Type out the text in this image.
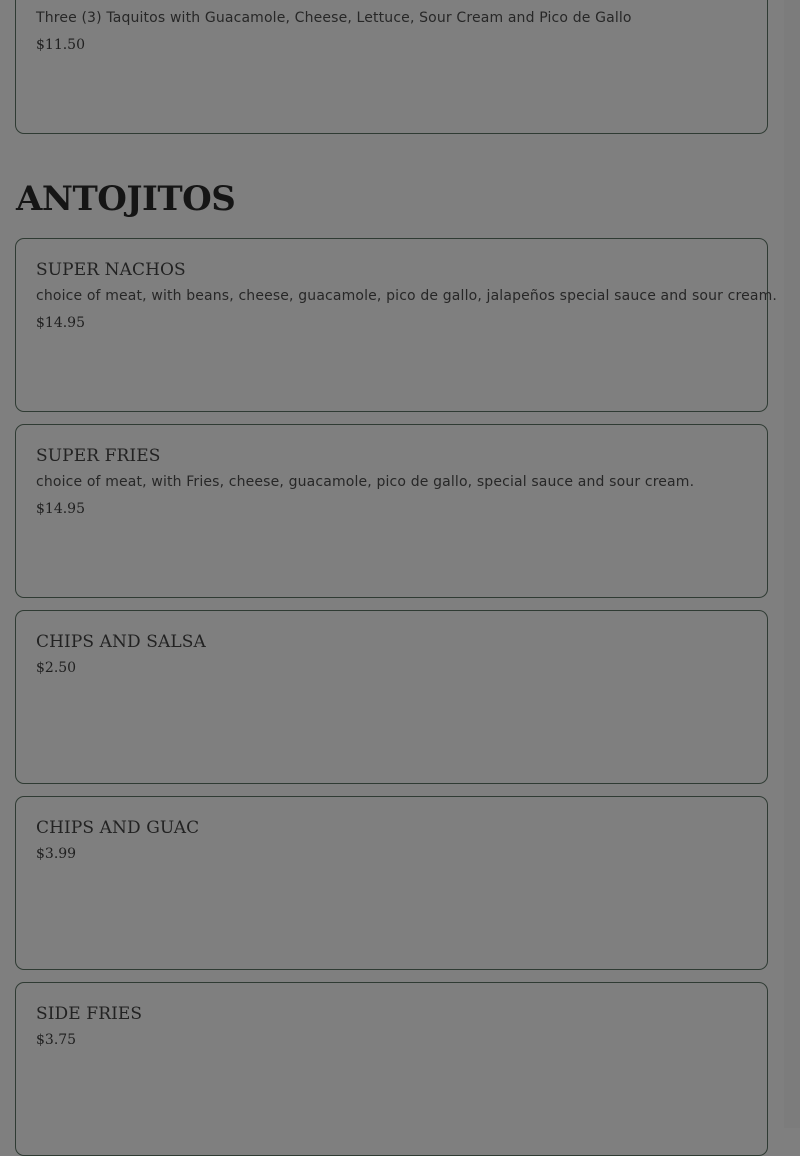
Three (3) Taquitos with Guacamole, Cheese, Lettuce, Sour Cream and Pico de Gallo
$11.50
ANTOJITOS
SUPER NACHOS
choice of meat, with beans, cheese, guacamole, pico de gallo, jalapeños special sauce and sour cream.
$14.95
SUPER FRIES
choice of meat, with Fries, cheese, guacamole, pico de gallo, special sauce and sour cream.
$14.95
CHIPS AND SALSA
$2.50
CHIPS AND GUAC
$3.99
SIDE FRIES
$3.75
